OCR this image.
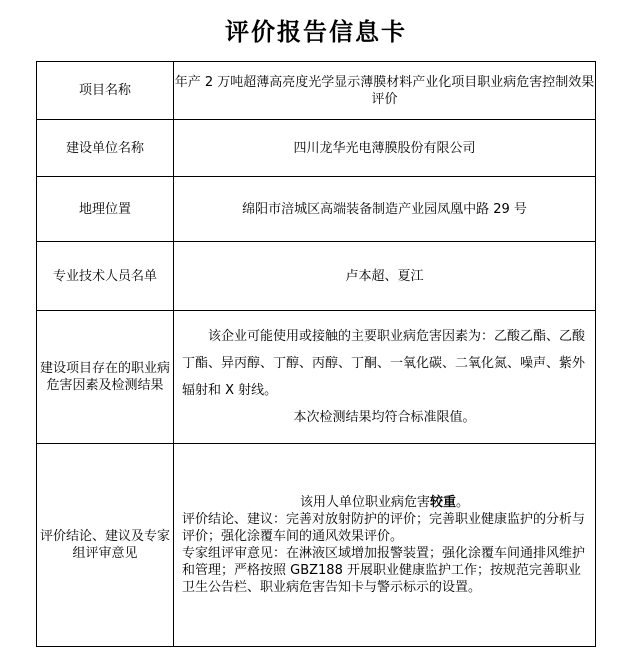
评价报告信息卡
项目名称	年产 2 万吨超薄高亮度光学显示薄膜材料产业化项目职业病危害控制效果评价
建设单位名称	四川龙华光电薄膜股份有限公司
地理位置	绵阳市涪城区高端装备制造产业园凤凰中路 29 号
专业技术人员名单	卢本超、夏江
建设项目存在的职业病危害因素及检测结果	该企业可能使用或接触的主要职业病危害因素为：乙酸乙酯、乙酸丁酯、异丙醇、丁醇、丙醇、丁酮、一氧化碳、二氧化氮、噪声、紫外辐射和 X 射线。
本次检测结果均符合标准限值。

评价结论、建议及专家组评审意见	该用人单位职业病危害较重。
评价结论、建议：完善对放射防护的评价；完善职业健康监护的分析与评价；强化涂覆车间的通风效果评价。
专家组评审意见：在淋液区域增加报警装置；强化涂覆车间通排风维护和管理；严格按照 GBZ188 开展职业健康监护工作；按规范完善职业卫生公告栏、职业病危害告知卡与警示标示的设置。
